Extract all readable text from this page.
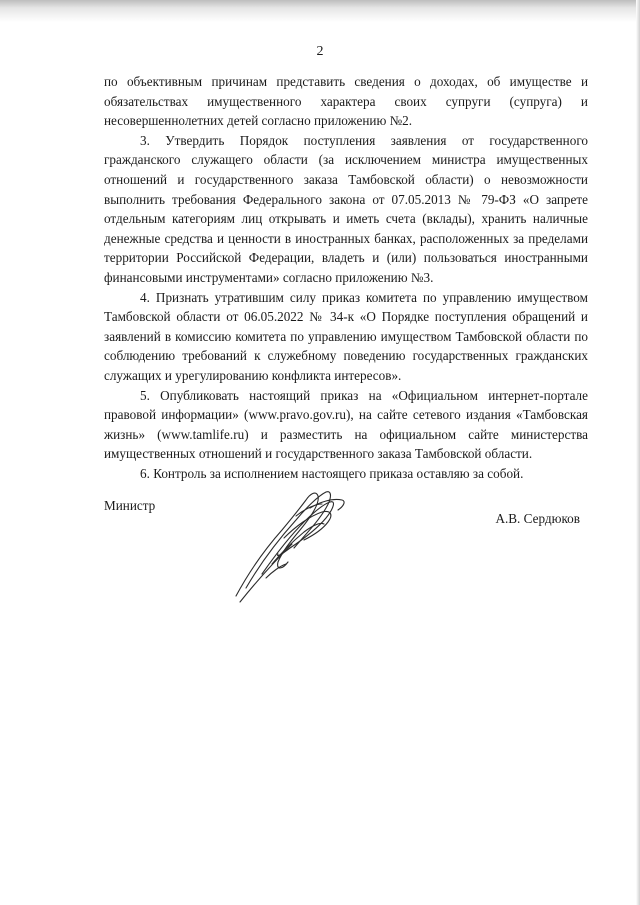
2

по объективным причинам представить сведения о доходах, об имуществе и обязательствах имущественного характера своих супруги (супруга) и несовершеннолетних детей согласно приложению №2.

3. Утвердить Порядок поступления заявления от государственного гражданского служащего области (за исключением министра имущественных отношений и государственного заказа Тамбовской области) о невозможности выполнить требования Федерального закона от 07.05.2013 № 79-ФЗ «О запрете отдельным категориям лиц открывать и иметь счета (вклады), хранить наличные денежные средства и ценности в иностранных банках, расположенных за пределами территории Российской Федерации, владеть и (или) пользоваться иностранными финансовыми инструментами» согласно приложению №3.

4. Признать утратившим силу приказ комитета по управлению имуществом Тамбовской области от 06.05.2022 № 34-к «О Порядке поступления обращений и заявлений в комиссию комитета по управлению имуществом Тамбовской области по соблюдению требований к служебному поведению государственных гражданских служащих и урегулированию конфликта интересов».

5. Опубликовать настоящий приказ на «Официальном интернет-портале правовой информации» (www.pravo.gov.ru), на сайте сетевого издания «Тамбовская жизнь» (www.tamlife.ru) и разместить на официальном сайте министерства имущественных отношений и государственного заказа Тамбовской области.

6. Контроль за исполнением настоящего приказа оставляю за собой.

Министр
А.В. Сердюков
